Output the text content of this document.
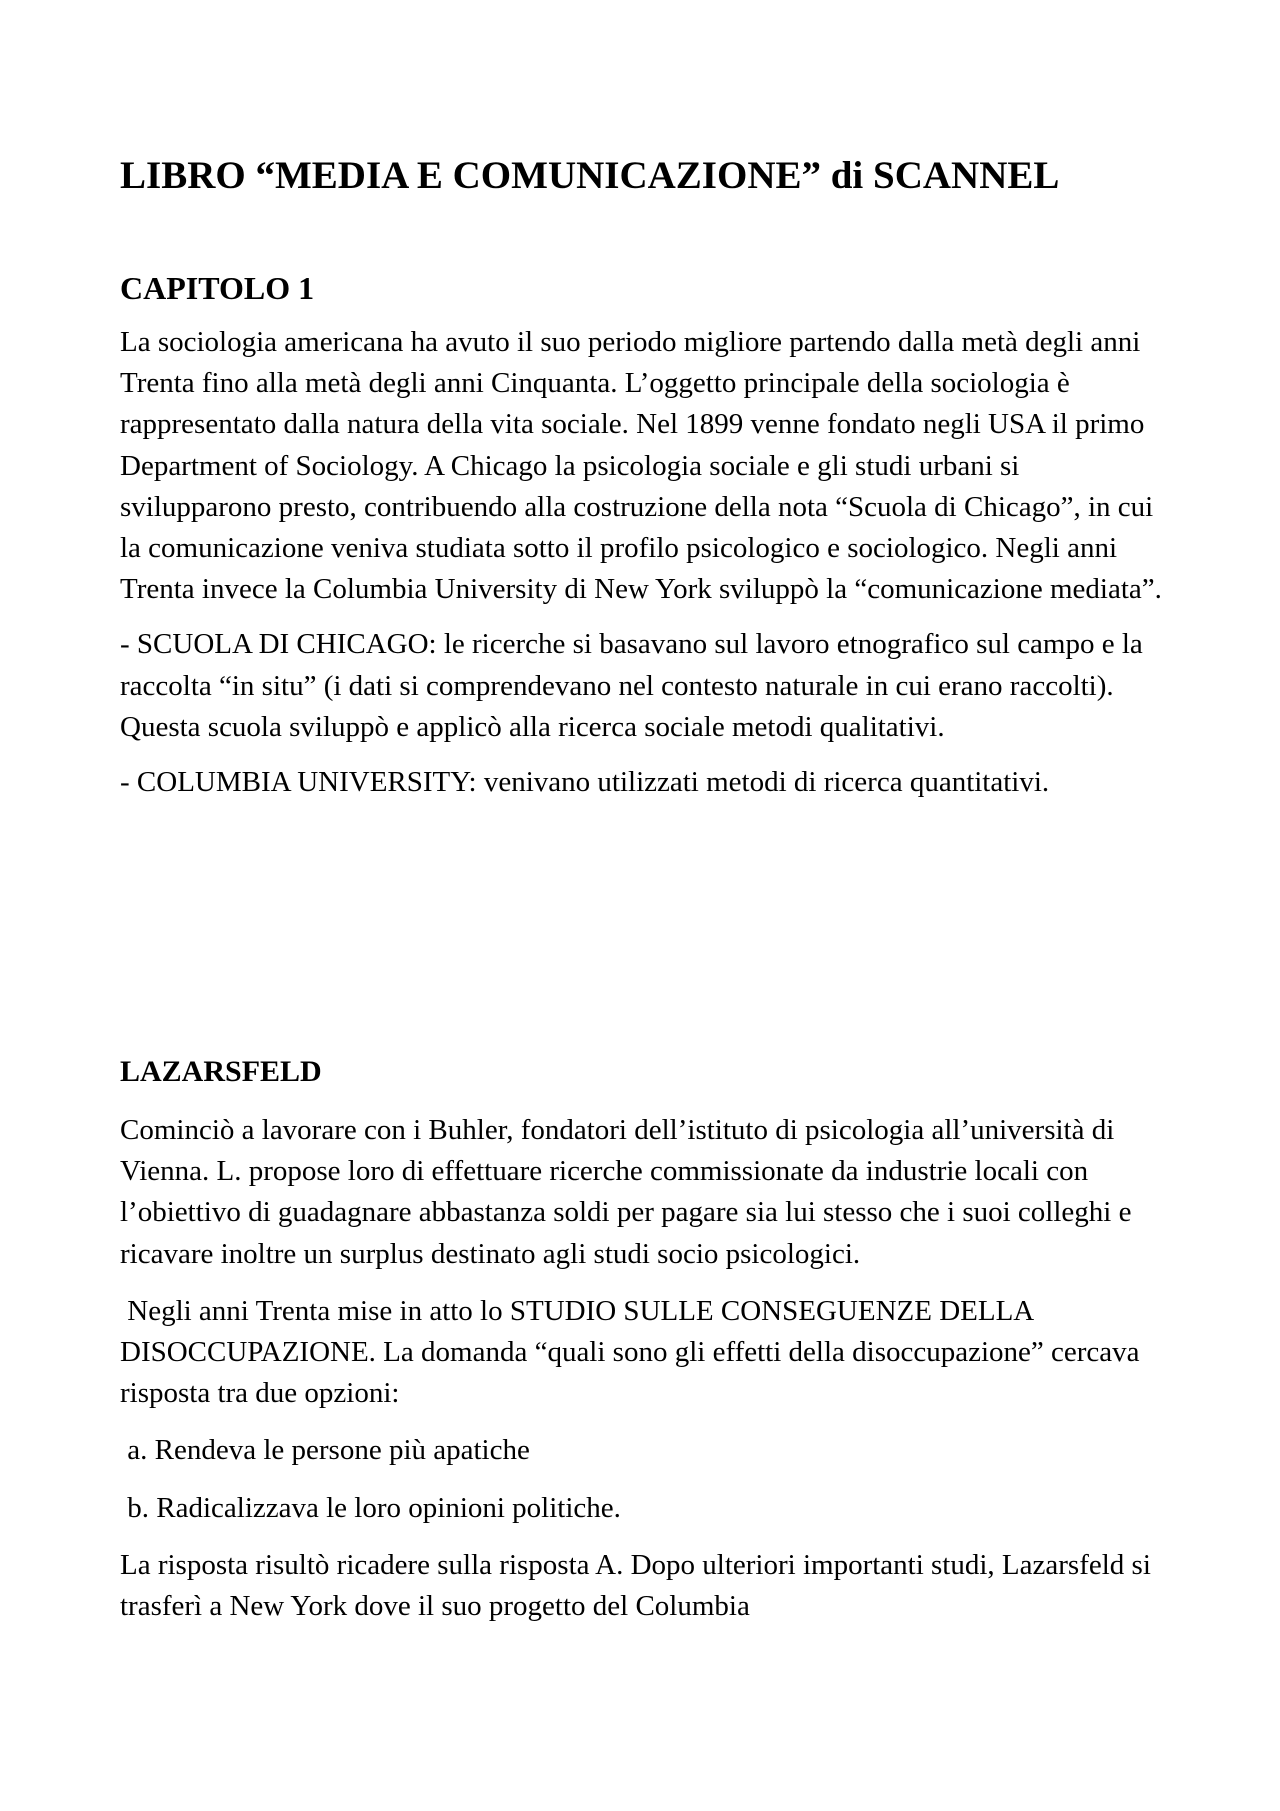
LIBRO “MEDIA E COMUNICAZIONE” di SCANNEL
CAPITOLO 1

La sociologia americana ha avuto il suo periodo migliore partendo dalla metà degli anni Trenta fino alla metà degli anni Cinquanta. L’oggetto principale della sociologia è rappresentato dalla natura della vita sociale. Nel 1899 venne fondato negli USA il primo Department of Sociology. A Chicago la psicologia sociale e gli studi urbani si svilupparono presto, contribuendo alla costruzione della nota “Scuola di Chicago”, in cui la comunicazione veniva studiata sotto il profilo psicologico e sociologico. Negli anni Trenta invece la Columbia University di New York sviluppò la “comunicazione mediata”.

- SCUOLA DI CHICAGO: le ricerche si basavano sul lavoro etnografico sul campo e la raccolta “in situ” (i dati si comprendevano nel contesto naturale in cui erano raccolti). Questa scuola sviluppò e applicò alla ricerca sociale metodi qualitativi.

- COLUMBIA UNIVERSITY: venivano utilizzati metodi di ricerca quantitativi.

LAZARSFELD

Cominciò a lavorare con i Buhler, fondatori dell’istituto di psicologia all’università di Vienna. L. propose loro di effettuare ricerche commissionate da industrie locali con l’obiettivo di guadagnare abbastanza soldi per pagare sia lui stesso che i suoi colleghi e ricavare inoltre un surplus destinato agli studi socio psicologici.

Negli anni Trenta mise in atto lo STUDIO SULLE CONSEGUENZE DELLA DISOCCUPAZIONE. La domanda “quali sono gli effetti della disoccupazione” cercava risposta tra due opzioni:

a. Rendeva le persone più apatiche

b. Radicalizzava le loro opinioni politiche.

La risposta risultò ricadere sulla risposta A. Dopo ulteriori importanti studi, Lazarsfeld si trasferì a New York dove il suo progetto del Columbia
